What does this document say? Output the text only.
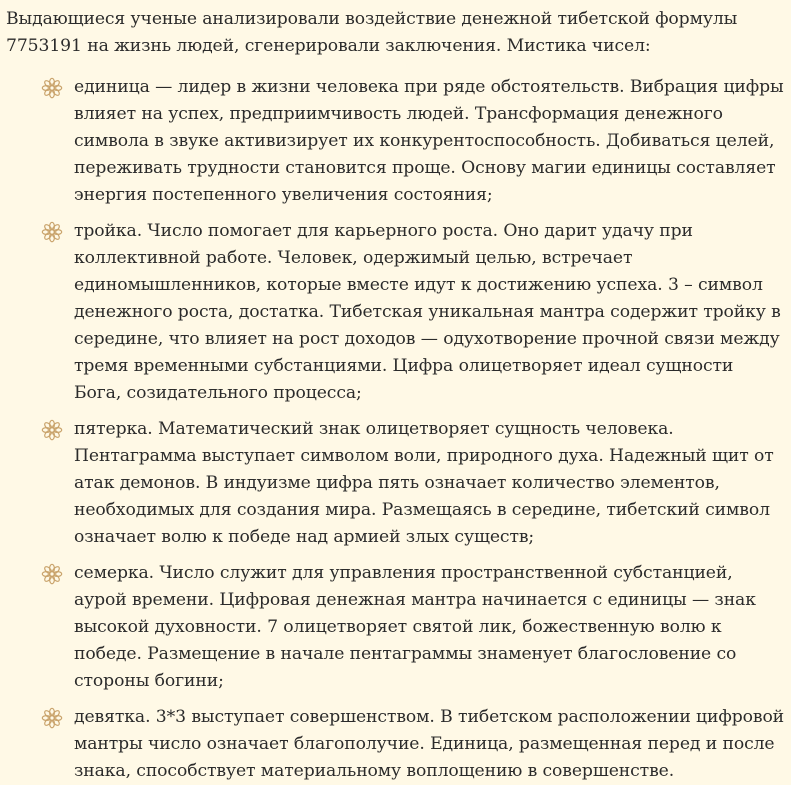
Выдающиеся ученые анализировали воздействие денежной тибетской формулы 7753191 на жизнь людей, сгенерировали заключения. Мистика чисел:

единица — лидер в жизни человека при ряде обстоятельств. Вибрация цифры влияет на успех, предприимчивость людей. Трансформация денежного символа в звуке активизирует их конкурентоспособность. Добиваться целей, переживать трудности становится проще. Основу магии единицы составляет энергия постепенного увеличения состояния;
тройка. Число помогает для карьерного роста. Оно дарит удачу при коллективной работе. Человек, одержимый целью, встречает единомышленников, которые вместе идут к достижению успеха. 3 – символ денежного роста, достатка. Тибетская уникальная мантра содержит тройку в середине, что влияет на рост доходов — одухотворение прочной связи между тремя временными субстанциями. Цифра олицетворяет идеал сущности Бога, созидательного процесса;
пятерка. Математический знак олицетворяет сущность человека. Пентаграмма выступает символом воли, природного духа. Надежный щит от атак демонов. В индуизме цифра пять означает количество элементов, необходимых для создания мира. Размещаясь в середине, тибетский символ означает волю к победе над армией злых существ;
семерка. Число служит для управления пространственной субстанцией, аурой времени. Цифровая денежная мантра начинается с единицы — знак высокой духовности. 7 олицетворяет святой лик, божественную волю к победе. Размещение в начале пентаграммы знаменует благословение со стороны богини;
девятка. 3*3 выступает совершенством. В тибетском расположении цифровой мантры число означает благополучие. Единица, размещенная перед и после знака, способствует материальному воплощению в совершенстве.
